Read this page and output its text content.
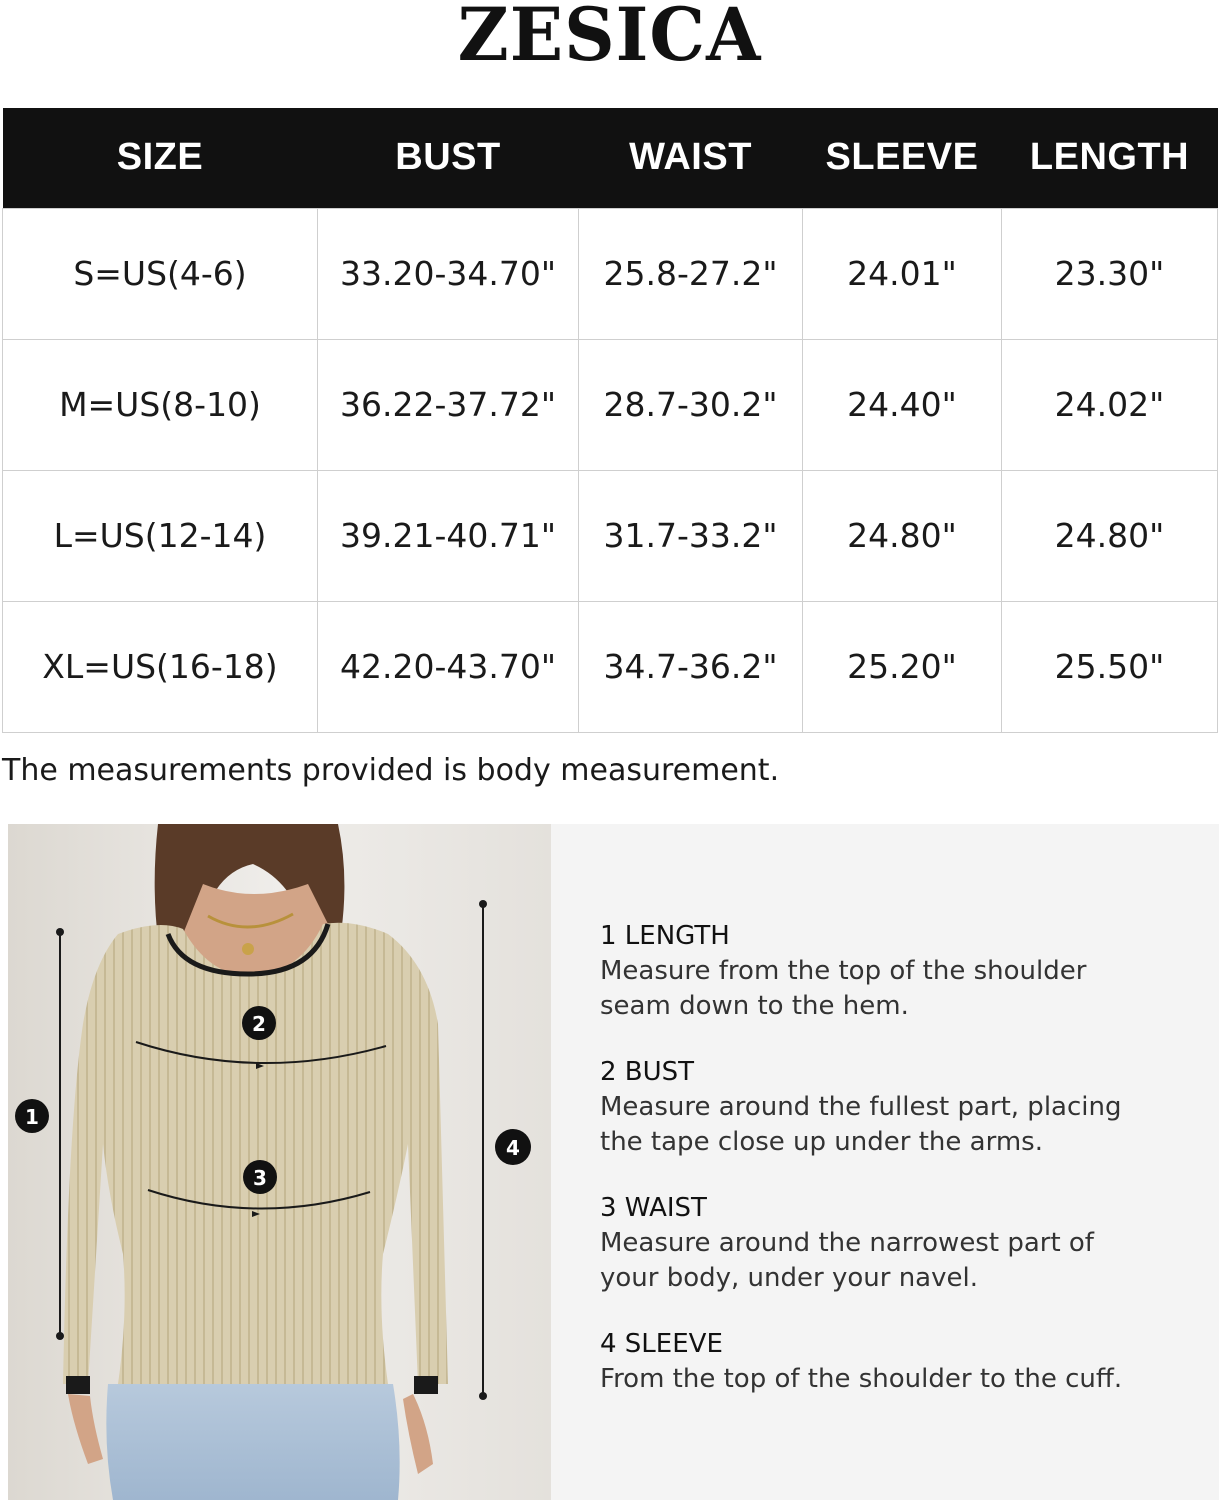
ZESICA
SIZE	BUST	WAIST	SLEEVE	LENGTH
S=US(4-6)	33.20-34.70"	25.8-27.2"	24.01"	23.30"
M=US(8-10)	36.22-37.72"	28.7-30.2"	24.40"	24.02"
L=US(12-14)	39.21-40.71"	31.7-33.2"	24.80"	24.80"
XL=US(16-18)	42.20-43.70"	34.7-36.2"	25.20"	25.50"
The measurements provided is body measurement.
1
2
3
4
1 LENGTH
Measure from the top of the shoulder
seam down to the hem.
2 BUST
Measure around the fullest part, placing
the tape close up under the arms.
3 WAIST
Measure around the narrowest part of
your body, under your navel.
4 SLEEVE
From the top of the shoulder to the cuff.
